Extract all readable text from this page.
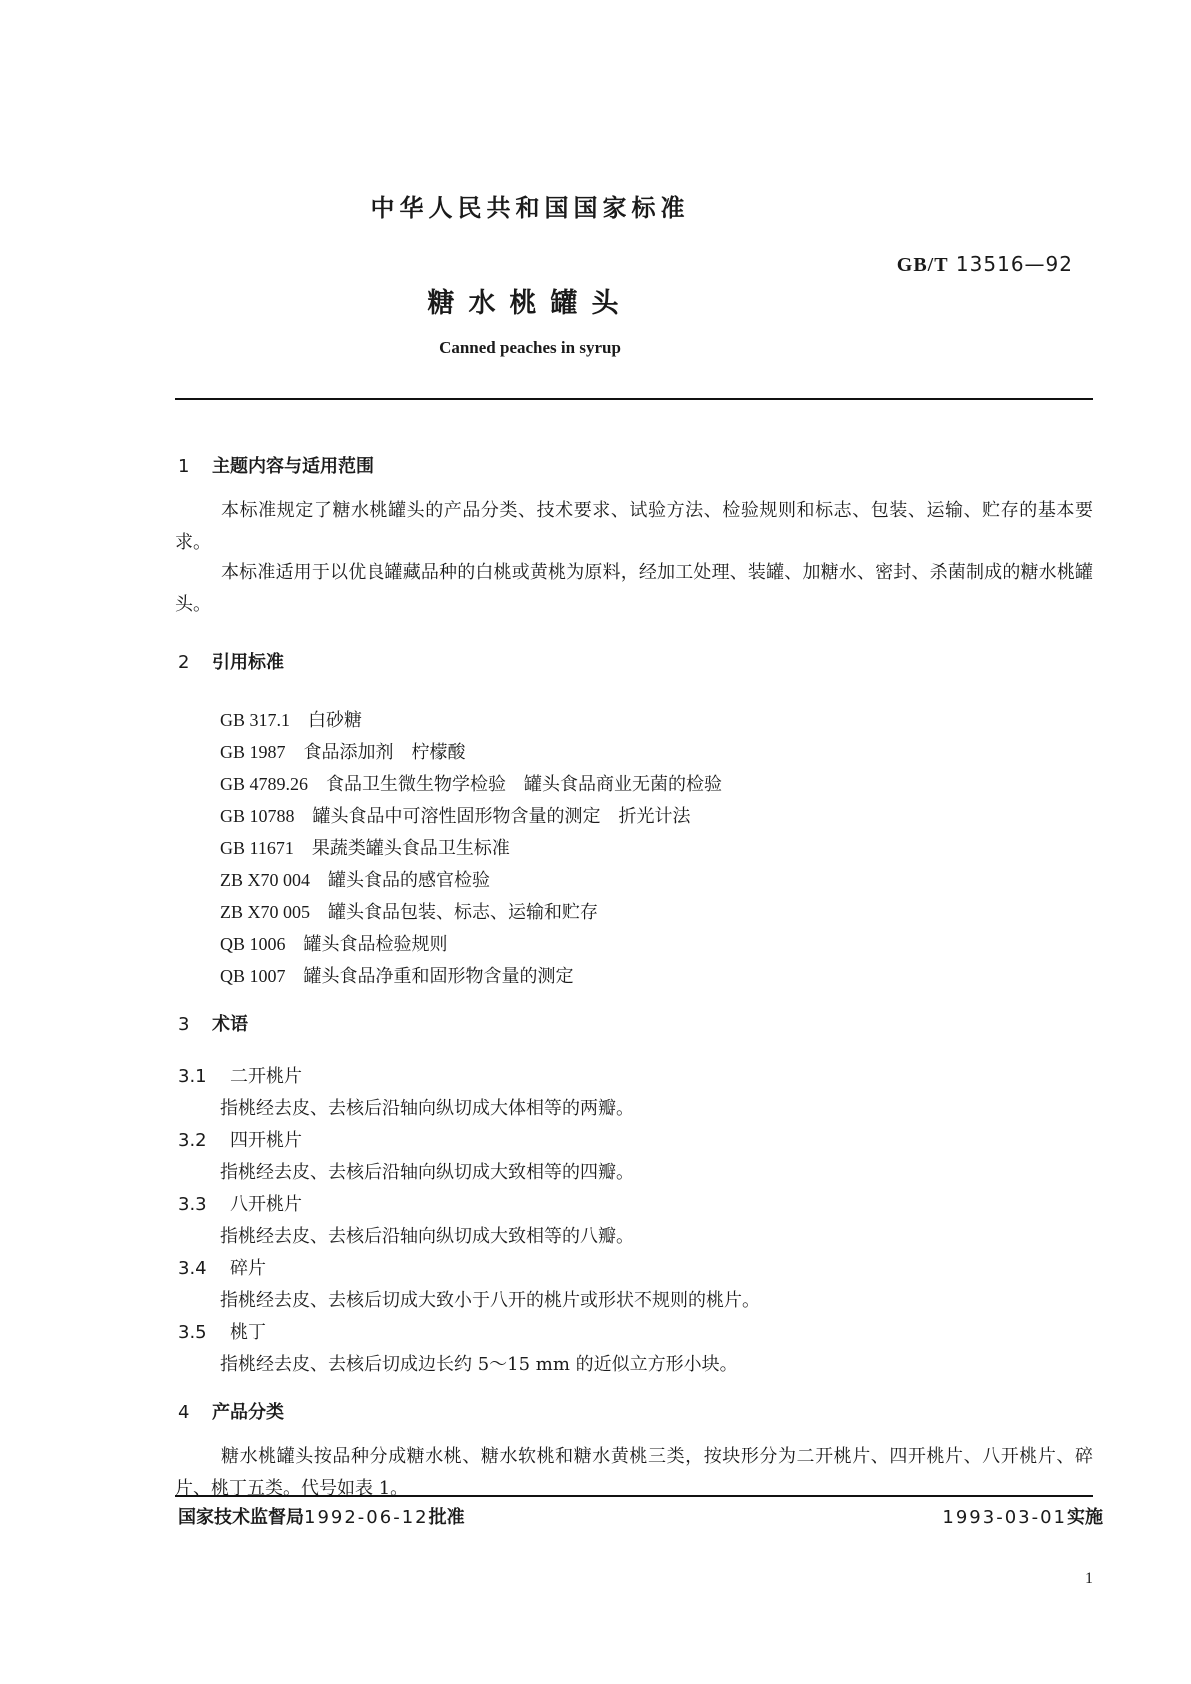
中华人民共和国国家标准
GB/T 13516—92
糖水桃罐头
Canned peaches in syrup
1 主题内容与适用范围
本标准规定了糖水桃罐头的产品分类、技术要求、试验方法、检验规则和标志、包装、运输、贮存的基本要求。
本标准适用于以优良罐藏品种的白桃或黄桃为原料，经加工处理、装罐、加糖水、密封、杀菌制成的糖水桃罐头。
2 引用标准
GB 317.1 白砂糖
GB 1987 食品添加剂　柠檬酸
GB 4789.26 食品卫生微生物学检验　罐头食品商业无菌的检验
GB 10788 罐头食品中可溶性固形物含量的测定　折光计法
GB 11671 果蔬类罐头食品卫生标准
ZB X70 004 罐头食品的感官检验
ZB X70 005 罐头食品包装、标志、运输和贮存
QB 1006 罐头食品检验规则
QB 1007 罐头食品净重和固形物含量的测定
3 术语
3.1 二开桃片
指桃经去皮、去核后沿轴向纵切成大体相等的两瓣。
3.2 四开桃片
指桃经去皮、去核后沿轴向纵切成大致相等的四瓣。
3.3 八开桃片
指桃经去皮、去核后沿轴向纵切成大致相等的八瓣。
3.4 碎片
指桃经去皮、去核后切成大致小于八开的桃片或形状不规则的桃片。
3.5 桃丁
指桃经去皮、去核后切成边长约 5～15 mm 的近似立方形小块。
4 产品分类
糖水桃罐头按品种分成糖水桃、糖水软桃和糖水黄桃三类，按块形分为二开桃片、四开桃片、八开桃片、碎片、桃丁五类。代号如表 1。
国家技术监督局1992-06-12批准	1993-03-01实施
1
